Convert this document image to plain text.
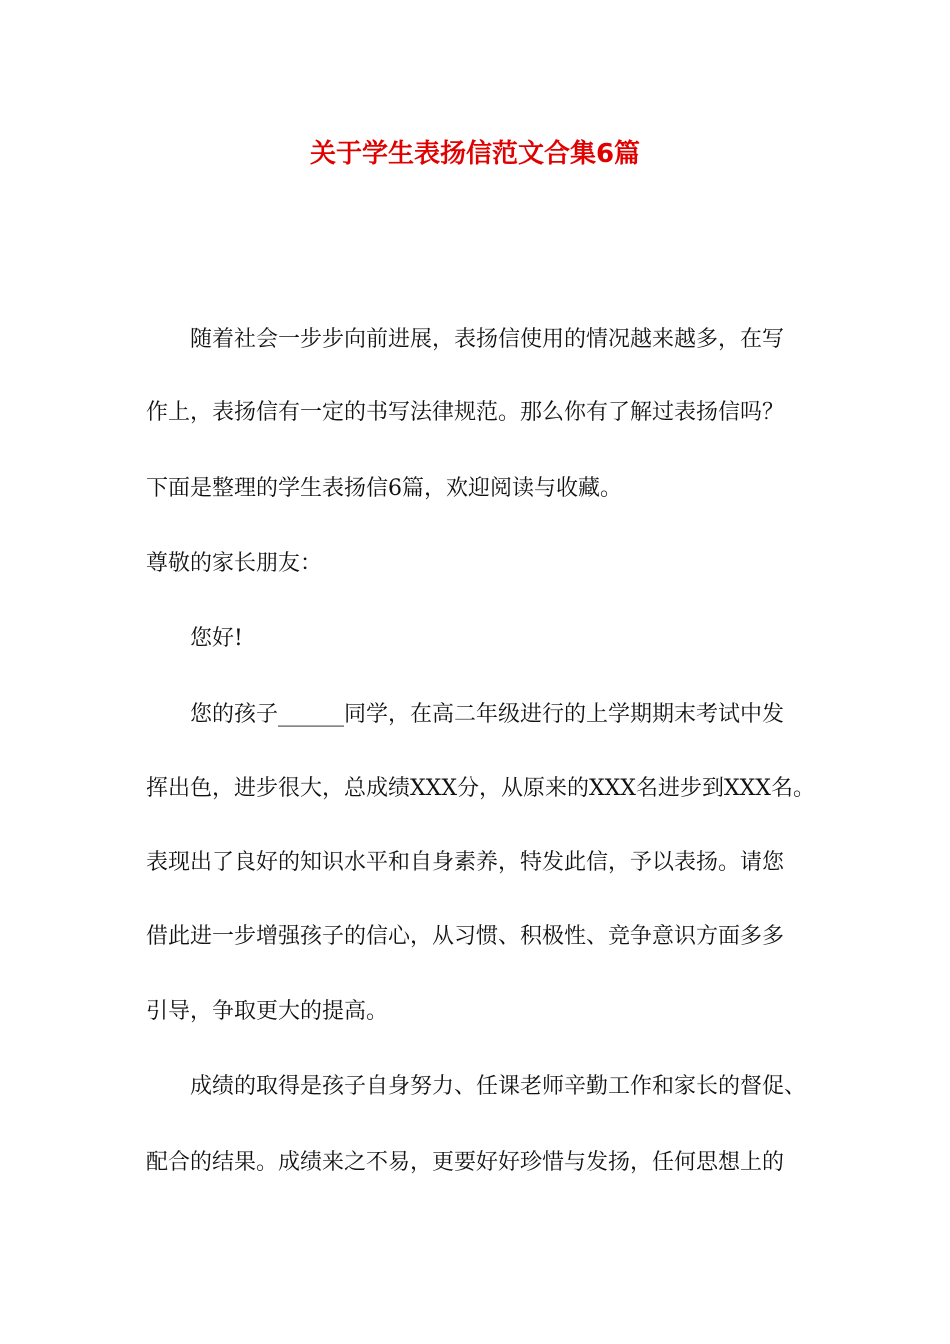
关于学生表扬信范文合集6篇

随着社会一步步向前进展，表扬信使用的情况越来越多，在写

作上，表扬信有一定的书写法律规范。那么你有了解过表扬信吗？

下面是整理的学生表扬信6篇，欢迎阅读与收藏。

尊敬的家长朋友：

您好!

您的孩子______同学，在高二年级进行的上学期期末考试中发

挥出色，进步很大，总成绩XXX分，从原来的XXX名进步到XXX名。

表现出了良好的知识水平和自身素养，特发此信，予以表扬。请您

借此进一步增强孩子的信心，从习惯、积极性、竞争意识方面多多

引导，争取更大的提高。

成绩的取得是孩子自身努力、任课老师辛勤工作和家长的督促、

配合的结果。成绩来之不易，更要好好珍惜与发扬，任何思想上的
